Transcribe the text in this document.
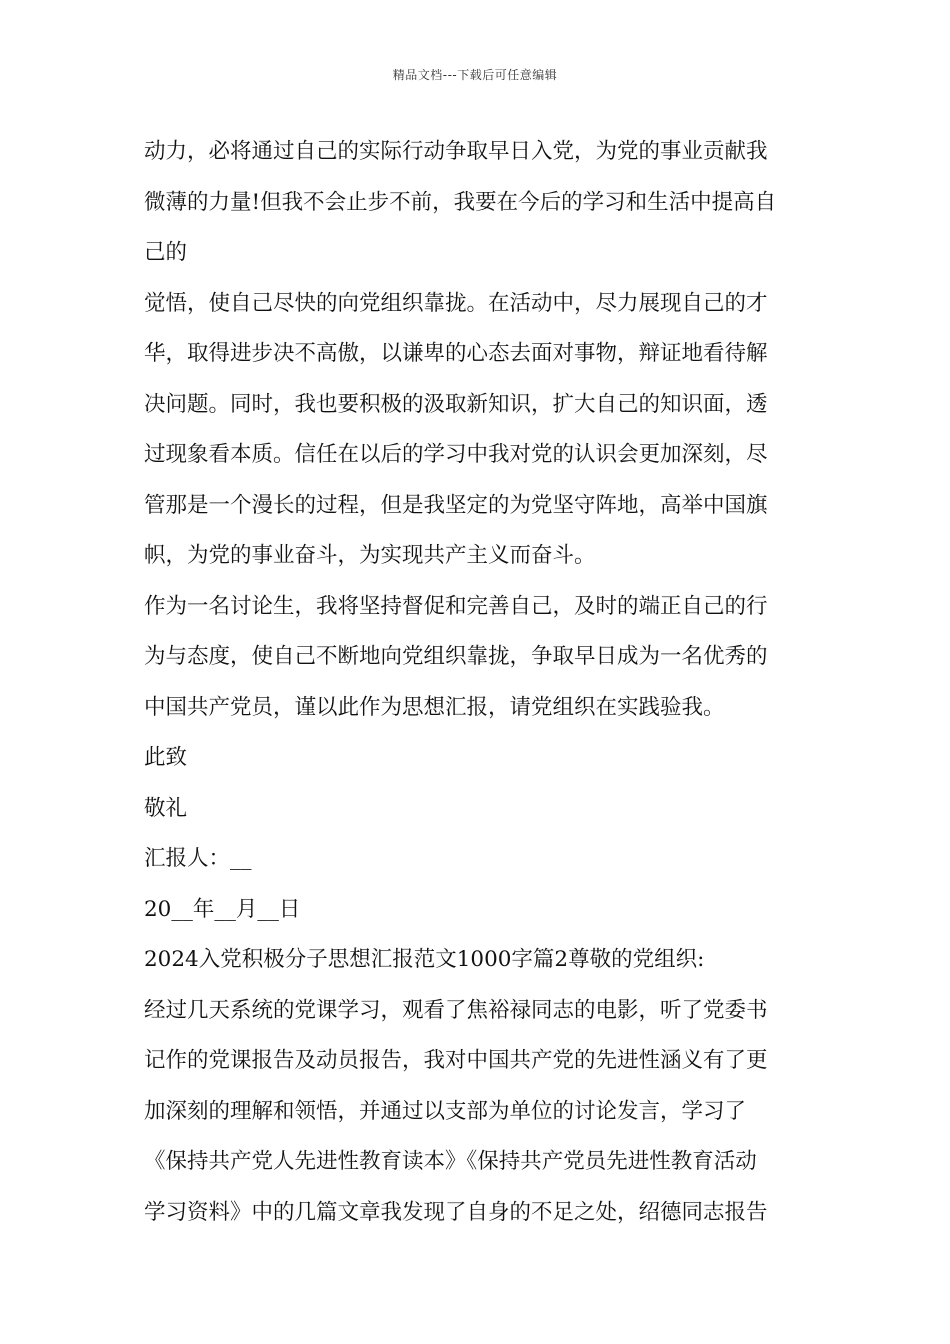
精品文档---下载后可任意编辑
动力，必将通过自己的实际行动争取早日入党，为党的事业贡献我
微薄的力量!但我不会止步不前，我要在今后的学习和生活中提高自
己的
觉悟，使自己尽快的向党组织靠拢。在活动中，尽力展现自己的才
华，取得进步决不高傲，以谦卑的心态去面对事物，辩证地看待解
决问题。同时，我也要积极的汲取新知识，扩大自己的知识面，透
过现象看本质。信任在以后的学习中我对党的认识会更加深刻，尽
管那是一个漫长的过程，但是我坚定的为党坚守阵地，高举中国旗
帜，为党的事业奋斗，为实现共产主义而奋斗。
作为一名讨论生，我将坚持督促和完善自己，及时的端正自己的行
为与态度，使自己不断地向党组织靠拢，争取早日成为一名优秀的
中国共产党员，谨以此作为思想汇报，请党组织在实践验我。
此致
敬礼
汇报人：__
20__年__月__日
2024入党积极分子思想汇报范文1000字篇2尊敬的党组织:
经过几天系统的党课学习，观看了焦裕禄同志的电影，听了党委书
记作的党课报告及动员报告，我对中国共产党的先进性涵义有了更
加深刻的理解和领悟，并通过以支部为单位的讨论发言，学习了
《保持共产党人先进性教育读本》《保持共产党员先进性教育活动
学习资料》中的几篇文章我发现了自身的不足之处，绍德同志报告
